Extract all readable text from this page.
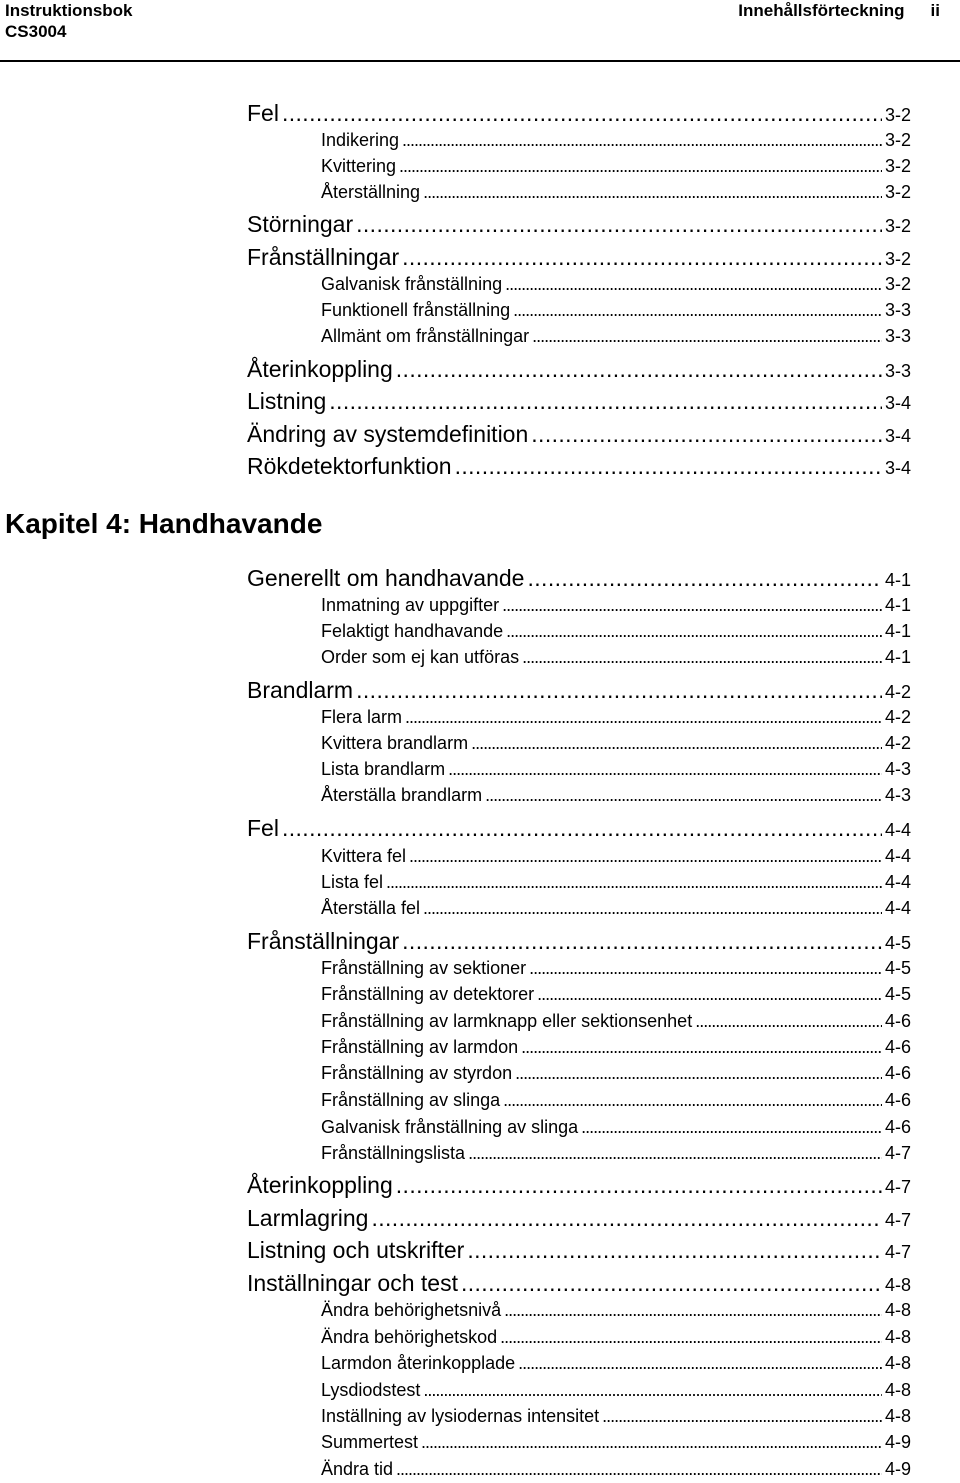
Instruktionsbok
CS3004
Innehållsförteckning ii
Kapitel 4: Handhavande
Fel . . .	3-2
Indikering . . .	3-2
Kvittering . . .	3-2
Återställning . . .	3-2
Störningar . . .	3-2
Frånställningar . . .	3-2
Galvanisk frånställning . . .	3-2
Funktionell frånställning . . .	3-3
Allmänt om frånställningar . . .	3-3
Återinkoppling . . .	3-3
Listning . . .	3-4
Ändring av systemdefinition . . .	3-4
Rökdetektorfunktion . . .	3-4
Generellt om handhavande . . .	4-1
Inmatning av uppgifter . . .	4-1
Felaktigt handhavande . . .	4-1
Order som ej kan utföras . . .	4-1
Brandlarm . . .	4-2
Flera larm . . .	4-2
Kvittera brandlarm . . .	4-2
Lista brandlarm . . .	4-3
Återställa brandlarm . . .	4-3
Fel . . .	4-4
Kvittera fel . . .	4-4
Lista fel . . .	4-4
Återställa fel . . .	4-4
Frånställningar . . .	4-5
Frånställning av sektioner . . .	4-5
Frånställning av detektorer . . .	4-5
Frånställning av larmknapp eller sektionsenhet . . .	4-6
Frånställning av larmdon . . .	4-6
Frånställning av styrdon . . .	4-6
Frånställning av slinga . . .	4-6
Galvanisk frånställning av slinga . . .	4-6
Frånställningslista . . .	4-7
Återinkoppling . . .	4-7
Larmlagring . . .	4-7
Listning och utskrifter . . .	4-7
Inställningar och test . . .	4-8
Ändra behörighetsnivå . . .	4-8
Ändra behörighetskod . . .	4-8
Larmdon återinkopplade . . .	4-8
Lysdiodstest . . .	4-8
Inställning av lysiodernas intensitet . . .	4-8
Summertest . . .	4-9
Ändra tid . . .	4-9
